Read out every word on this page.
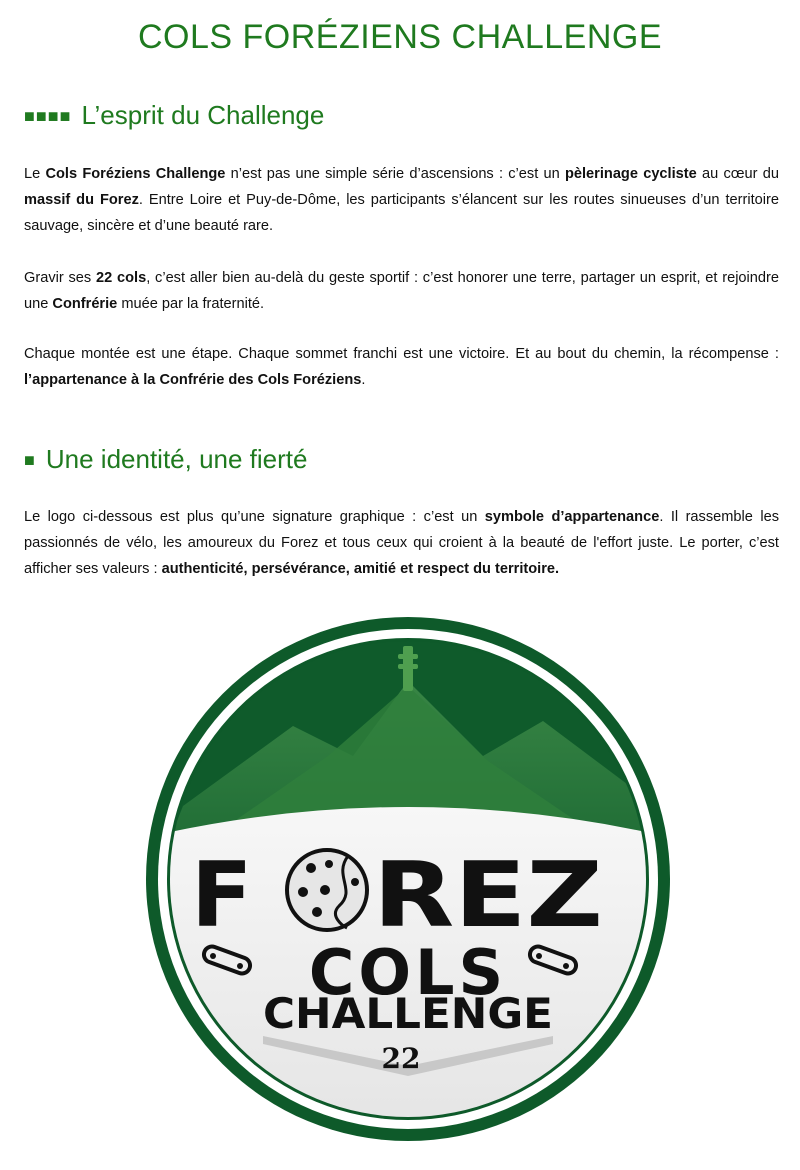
COLS FORÉZIENS CHALLENGE
■■■■ L’esprit du Challenge

Le Cols Foréziens Challenge n’est pas une simple série d’ascensions : c’est un pèlerinage cycliste au cœur du massif du Forez. Entre Loire et Puy-de-Dôme, les participants s’élancent sur les routes sinueuses d’un territoire sauvage, sincère et d’une beauté rare.

Gravir ses 22 cols, c’est aller bien au-delà du geste sportif : c’est honorer une terre, partager un esprit, et rejoindre une Confrérie muée par la fraternité.

Chaque montée est une étape. Chaque sommet franchi est une victoire. Et au bout du chemin, la récompense : l’appartenance à la Confrérie des Cols Foréziens.

■ Une identité, une fierté

Le logo ci-dessous est plus qu’une signature graphique : c’est un symbole d’appartenance. Il rassemble les passionnés de vélo, les amoureux du Forez et tous ceux qui croient à la beauté de l'effort juste. Le porter, c’est afficher ses valeurs : authenticité, persévérance, amitié et respect du territoire.

F REZ
COLS
CHALLENGE
22
